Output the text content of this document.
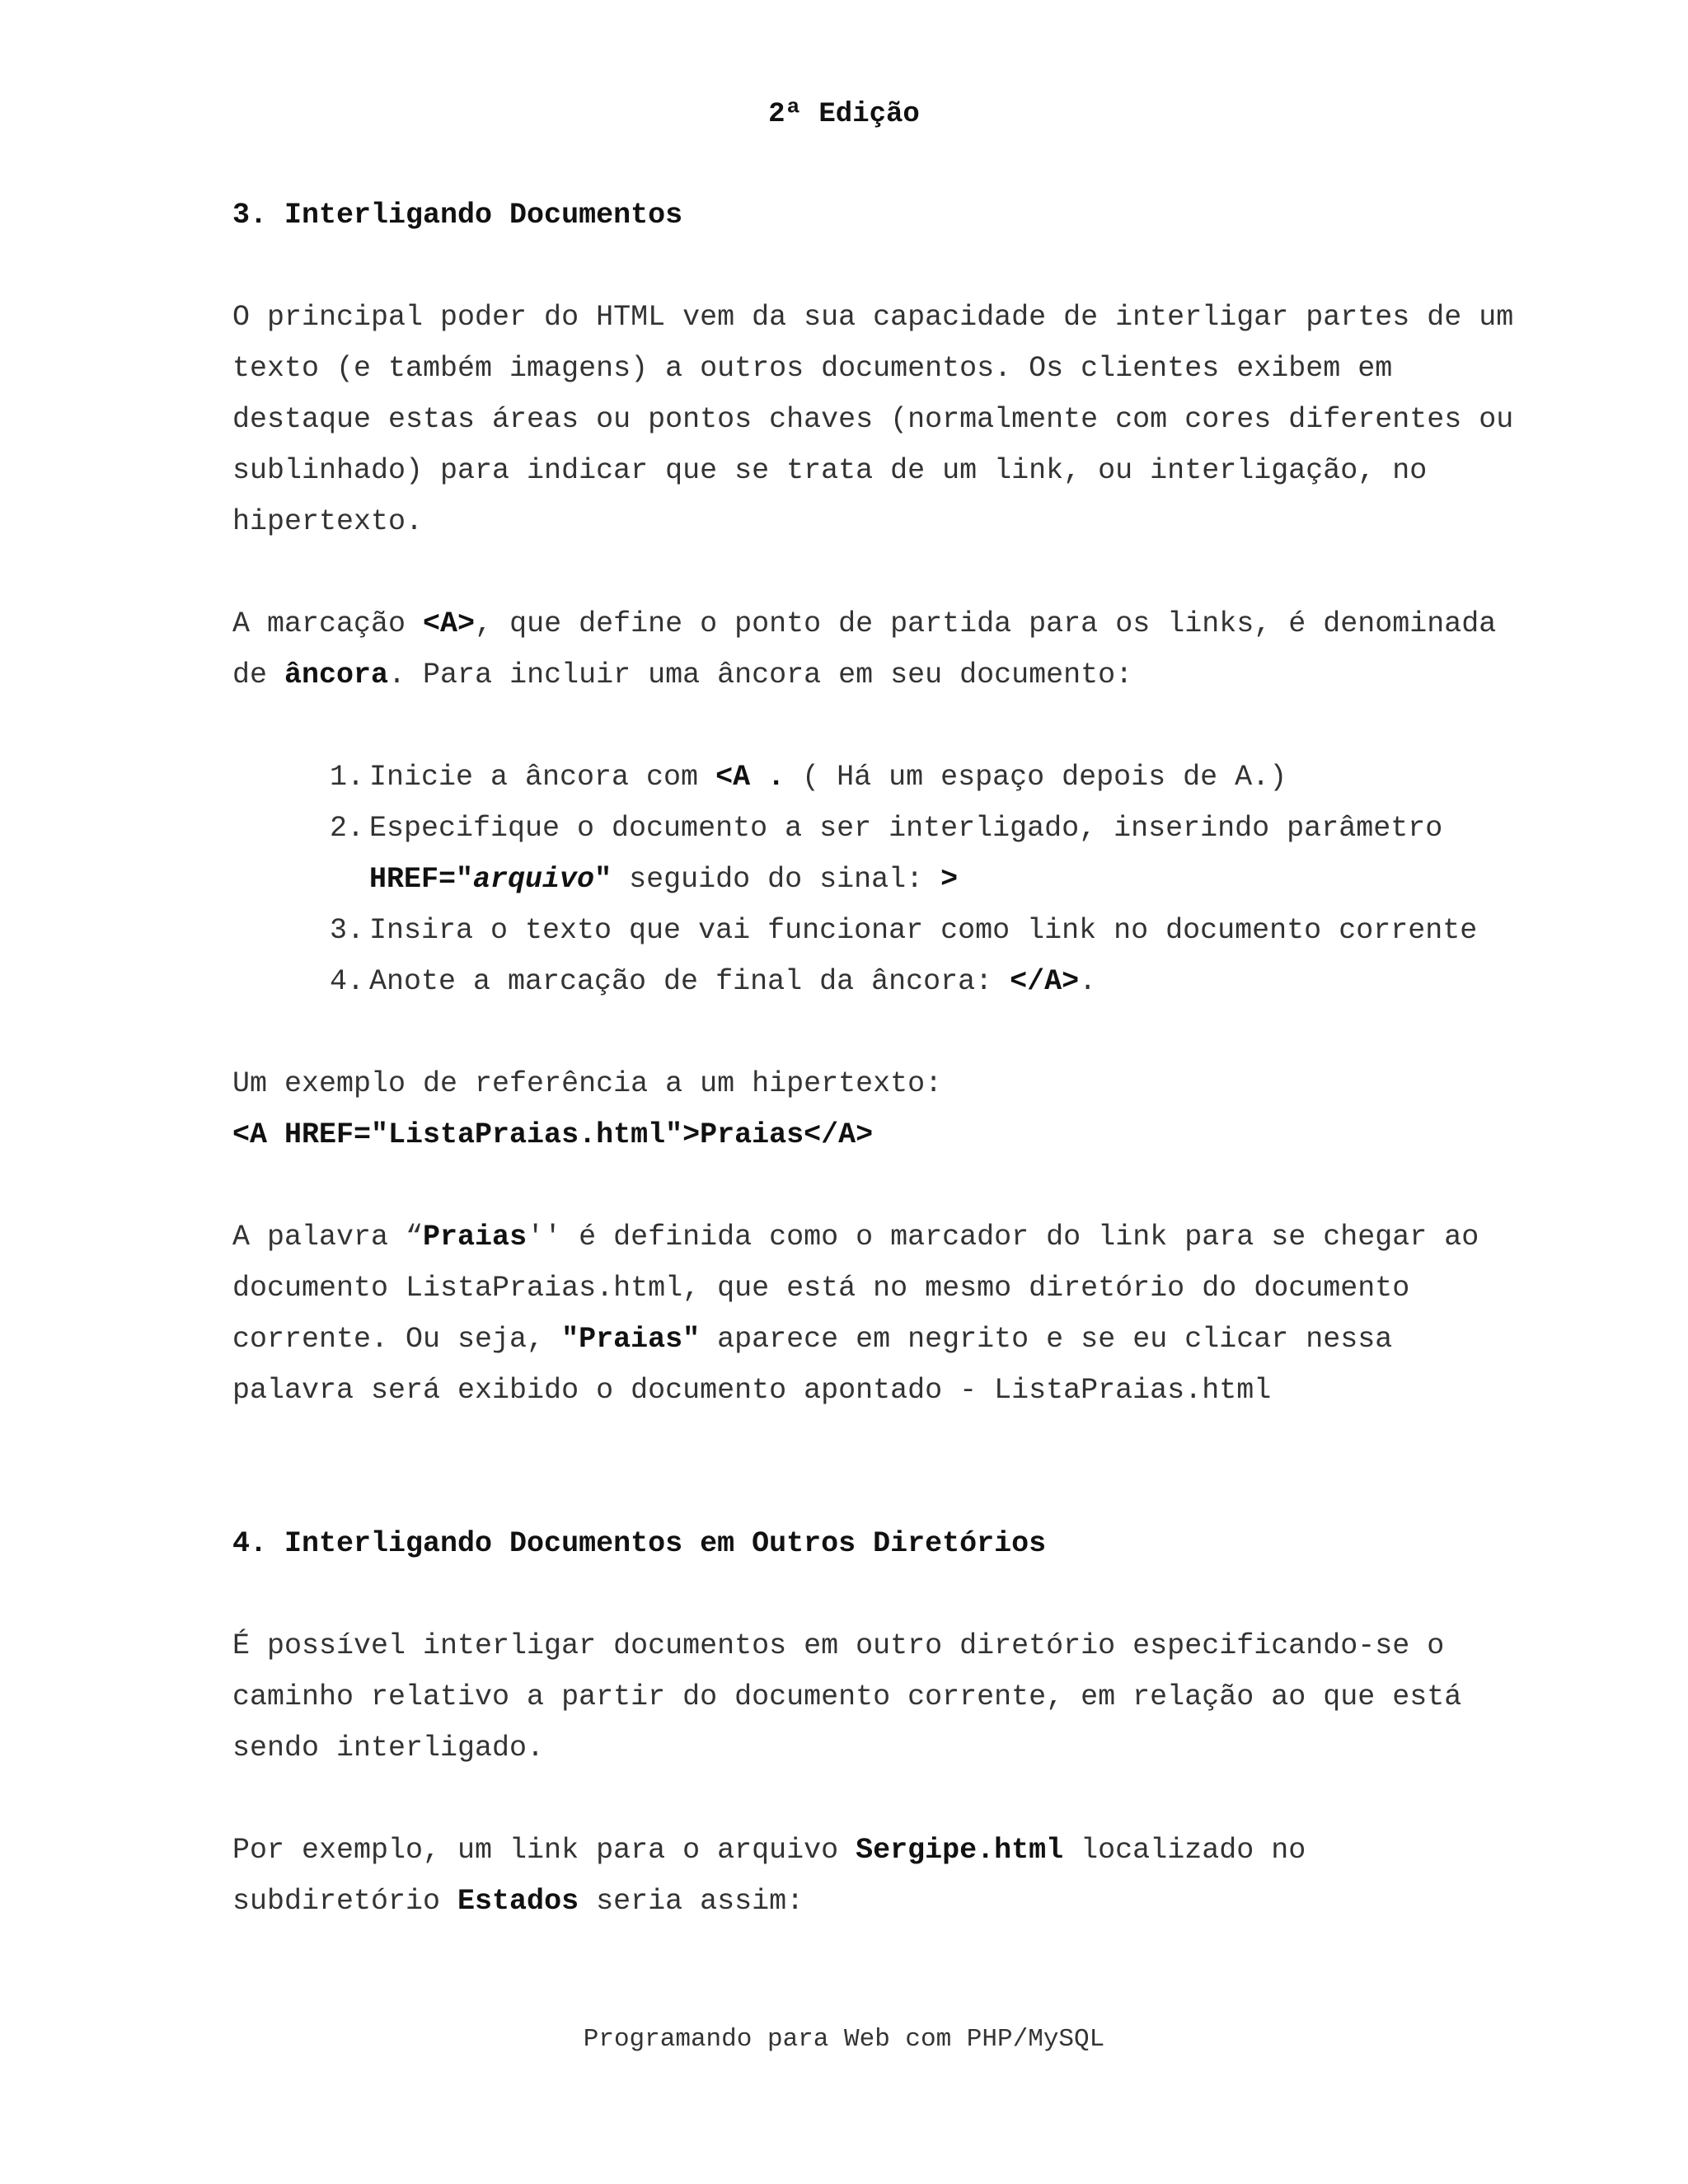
2ª Edição

3. Interligando Documentos

O principal poder do HTML vem da sua capacidade de interligar partes de um

texto (e também imagens) a outros documentos. Os clientes exibem em

destaque estas áreas ou pontos chaves (normalmente com cores diferentes ou

sublinhado) para indicar que se trata de um link, ou interligação, no

hipertexto.

A marcação <A>, que define o ponto de partida para os links, é denominada

de âncora. Para incluir uma âncora em seu documento:

1. Inicie a âncora com <A . ( Há um espaço depois de A.)
2. Especifique o documento a ser interligado, inserindo parâmetro
HREF="arquivo" seguido do sinal: >
3. Insira o texto que vai funcionar como link no documento corrente
4. Anote a marcação de final da âncora: </A>.

Um exemplo de referência a um hipertexto:

<A HREF="ListaPraias.html">Praias</A>

A palavra “Praias'' é definida como o marcador do link para se chegar ao

documento ListaPraias.html, que está no mesmo diretório do documento

corrente. Ou seja, "Praias" aparece em negrito e se eu clicar nessa

palavra será exibido o documento apontado - ListaPraias.html

4. Interligando Documentos em Outros Diretórios

É possível interligar documentos em outro diretório especificando-se o

caminho relativo a partir do documento corrente, em relação ao que está

sendo interligado.

Por exemplo, um link para o arquivo Sergipe.html localizado no

subdiretório Estados seria assim:

Programando para Web com PHP/MySQL
